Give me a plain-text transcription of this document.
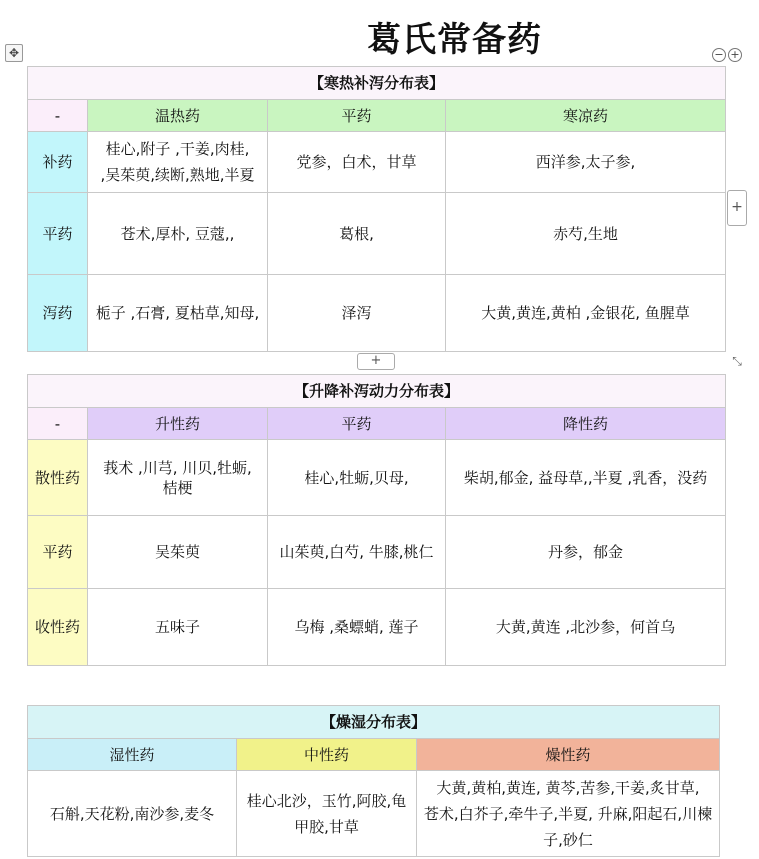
葛氏常备药
✥	− +
+
+	⤡
【寒热补泻分布表】			
-	温热药	平药	寒凉药
补药	桂心,附子 ,干姜,肉桂,
,吴茱萸,续断,熟地,半夏	党参，白术，甘草	西洋参,太子参,
平药	苍术,厚朴, 豆蔻,,	葛根,	赤芍,生地
泻药	栀子 ,石膏, 夏枯草,知母,	泽泻	大黄,黄连,黄柏 ,金银花, 鱼腥草
【升降补泻动力分布表】			
-	升性药	平药	降性药
散性药	莪术 ,川芎, 川贝,牡蛎,
桔梗	桂心,牡蛎,贝母,	柴胡,郁金, 益母草,,半夏 ,乳香，没药
平药	吴茱萸	山茱萸,白芍, 牛膝,桃仁	丹参，郁金
收性药	五味子	乌梅 ,桑螵蛸, 莲子	大黄,黄连 ,北沙参，何首乌
【燥湿分布表】		
湿性药	中性药	燥性药
石斛,天花粉,南沙参,麦冬	桂心北沙，玉竹,阿胶,龟
甲胶,甘草	大黄,黄柏,黄连, 黄芩,苦参,干姜,炙甘草,
苍术,白芥子,牵牛子,半夏, 升麻,阳起石,川楝
子,砂仁
